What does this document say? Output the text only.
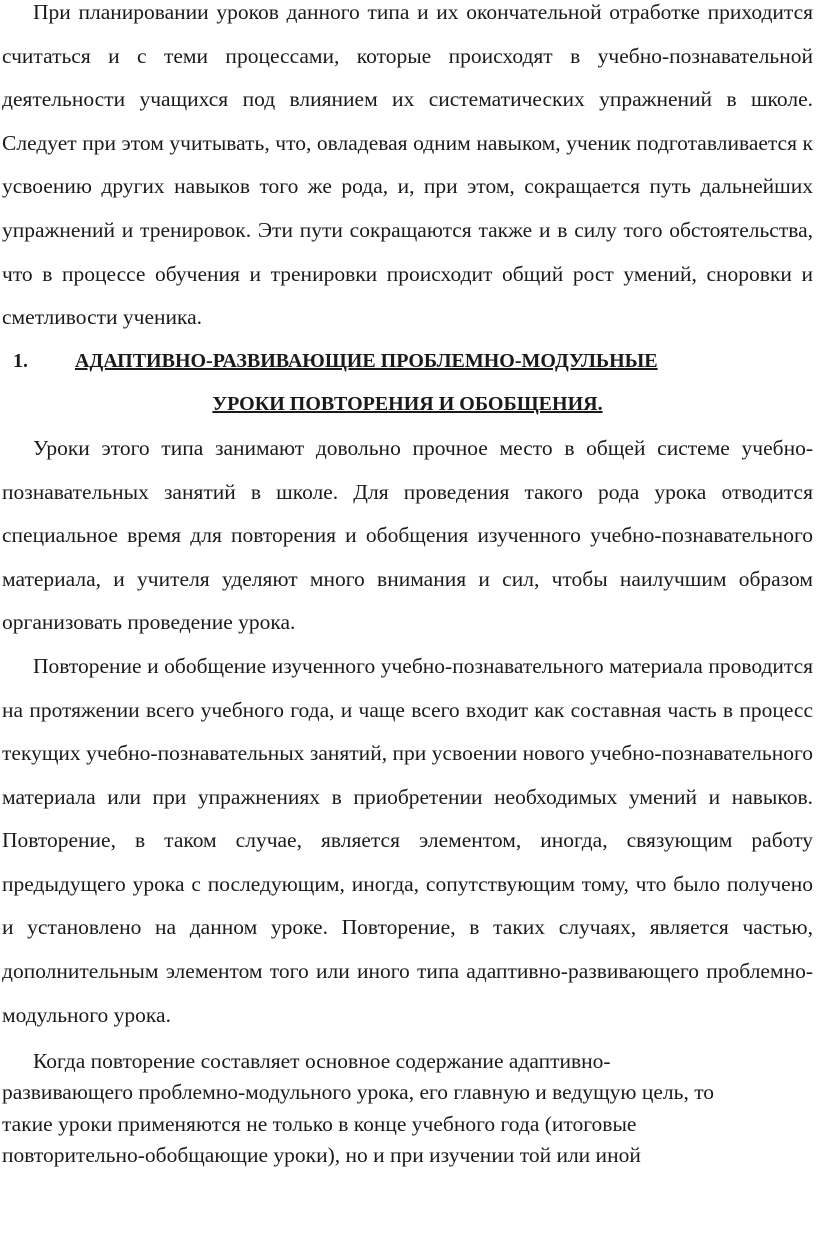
При планировании уроков данного типа и их окончательной отработке приходится считаться и с теми процессами, которые происходят в учебно-познавательной деятельности учащихся под влиянием их систематических упражнений в школе. Следует при этом учитывать, что, овладевая одним навыком, ученик подготавливается к усвоению других навыков того же рода, и, при этом, сокращается путь дальнейших упражнений и тренировок. Эти пути сокращаются также и в силу того обстоятельства, что в процессе обучения и тренировки происходит общий рост умений, сноровки и сметливости ученика.

1.	АДАПТИВНО-РАЗВИВАЮЩИЕ ПРОБЛЕМНО-МОДУЛЬНЫЕ
УРОКИ ПОВТОРЕНИЯ И ОБОБЩЕНИЯ.

Уроки этого типа занимают довольно прочное место в общей системе учебно-познавательных занятий в школе. Для проведения такого рода урока отводится специальное время для повторения и обобщения изученного учебно-познавательного материала, и учителя уделяют много внимания и сил, чтобы наилучшим образом организовать проведение урока.

Повторение и обобщение изученного учебно-познавательного материала проводится на протяжении всего учебного года, и чаще всего входит как составная часть в процесс текущих учебно-познавательных занятий, при усвоении нового учебно-познавательного материала или при упражнениях в приобретении необходимых умений и навыков. Повторение, в таком случае, является элементом, иногда, связующим работу предыдущего урока с последующим, иногда, сопутствующим тому, что было получено и установлено на данном уроке. Повторение, в таких случаях, является частью, дополнительным элементом того или иного типа адаптивно-развивающего проблемно-модульного урока.

Когда повторение составляет основное содержание адаптивно-
развивающего проблемно-модульного урока, его главную и ведущую цель, то
такие уроки применяются не только в конце учебного года (итоговые
повторительно-обобщающие уроки), но и при изучении той или иной
